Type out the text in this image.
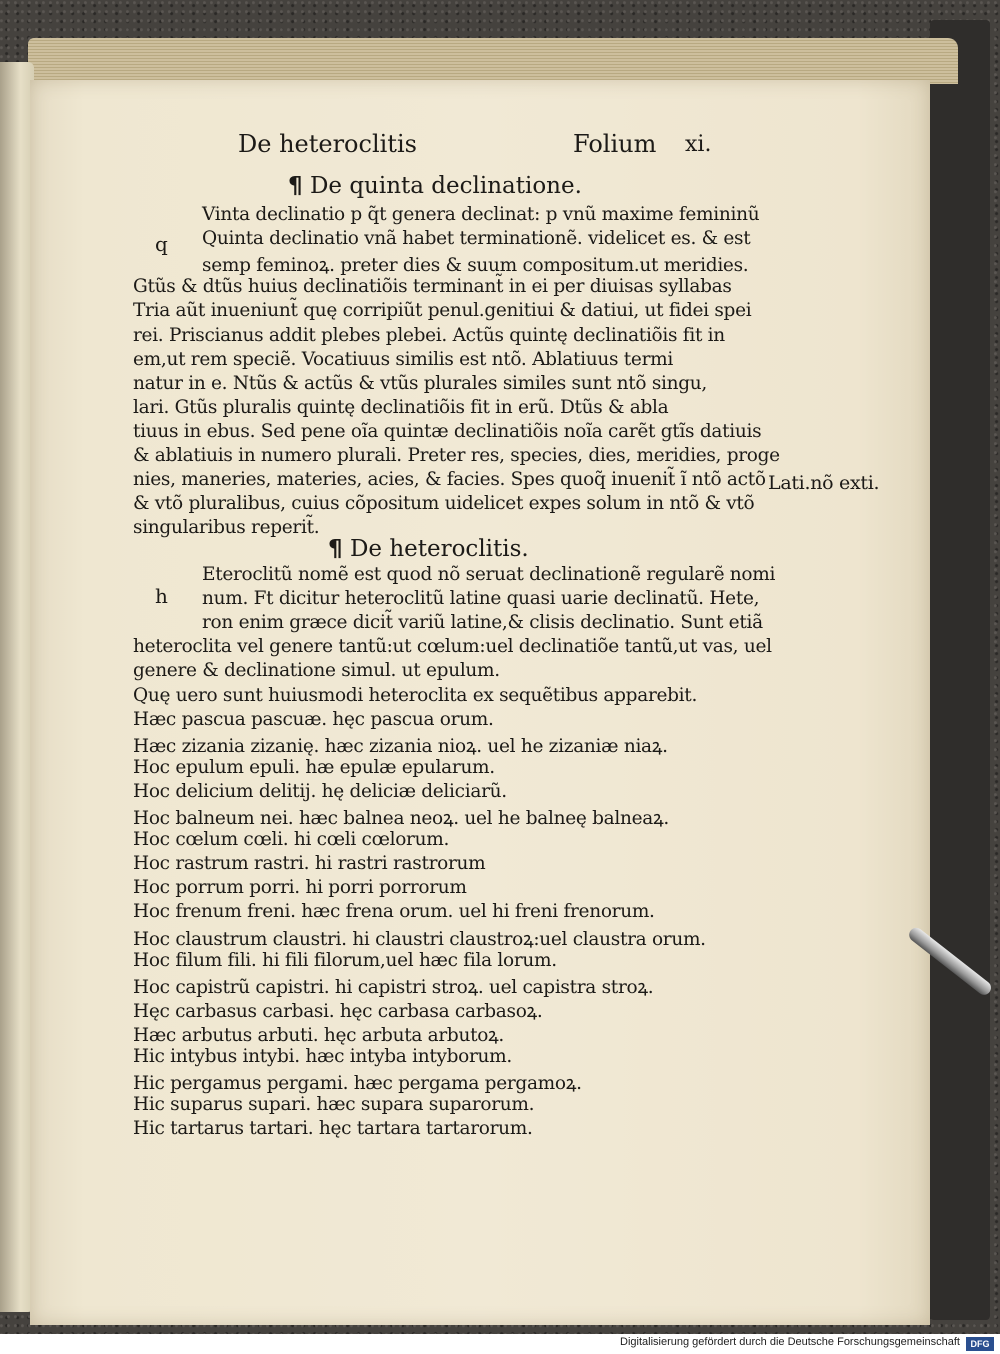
De heteroclitis	Folium xi.
¶ De quinta declinatione.
q
Vinta declinatio p q̃t genera declinat: p vnũ maxime femininũ
Quinta declinatio vnã habet terminationẽ. videlicet es. & est
semp feminoꝝ. preter dies & suum compositum.ut meridies.
Gtũs & dtũs huius declinatiõis terminant̃ in ei per diuisas syllabas
Tria aũt inueniunt̃ quę corripiũt penul.genitiui & datiui, ut fidei spei
rei. Priscianus addit plebes plebei. Actũs quintę declinatiõis fit in
em,ut rem speciẽ. Vocatiuus similis est ntõ. Ablatiuus termi
natur in e. Ntũs & actũs & vtũs plurales similes sunt ntõ singu,
lari. Gtũs pluralis quintę declinatiõis fit in erũ. Dtũs & abla
tiuus in ebus. Sed pene oĩa quintæ declinatiõis noĩa carẽt gtĩs datiuis
& ablatiuis in numero plurali. Preter res, species, dies, meridies, proge
nies, maneries, materies, acies, & facies. Spes quoq̃ inuenit̃ ĩ ntõ actõ
& vtõ pluralibus, cuius cõpositum uidelicet expes solum in ntõ & vtõ
singularibus reperit̃.
Lati.nõ exti.
¶ De heteroclitis.
h
Eteroclitũ nomẽ est quod nõ seruat declinationẽ regularẽ nomi
num. Ft dicitur heteroclitũ latine quasi uarie declinatũ. Hete,
ron enim græce dicit̃ variũ latine,& clisis declinatio. Sunt etiã
heteroclita vel genere tantũ:ut cœlum:uel declinatiõe tantũ,ut vas, uel
genere & declinatione simul. ut epulum.
Quę uero sunt huiusmodi heteroclita ex sequẽtibus apparebit.
Hæc pascua pascuæ. hęc pascua orum.
Hæc zizania zizanię. hæc zizania nioꝝ. uel he zizaniæ niaꝝ.
Hoc epulum epuli. hæ epulæ epularum.
Hoc delicium delitij. hę deliciæ deliciarũ.
Hoc balneum nei. hæc balnea neoꝝ. uel he balneę balneaꝝ.
Hoc cœlum cœli. hi cœli cœlorum.
Hoc rastrum rastri. hi rastri rastrorum
Hoc porrum porri. hi porri porrorum
Hoc frenum freni. hæc frena orum. uel hi freni frenorum.
Hoc claustrum claustri. hi claustri claustroꝝ:uel claustra orum.
Hoc filum fili. hi fili filorum,uel hæc fila lorum.
Hoc capistrũ capistri. hi capistri stroꝝ. uel capistra stroꝝ.
Hęc carbasus carbasi. hęc carbasa carbasoꝝ.
Hæc arbutus arbuti. hęc arbuta arbutoꝝ.
Hic intybus intybi. hæc intyba intyborum.
Hic pergamus pergami. hæc pergama pergamoꝝ.
Hic suparus supari. hæc supara suparorum.
Hic tartarus tartari. hęc tartara tartarorum.
Digitalisierung gefördert durch die Deutsche Forschungsgemeinschaft	DFG
